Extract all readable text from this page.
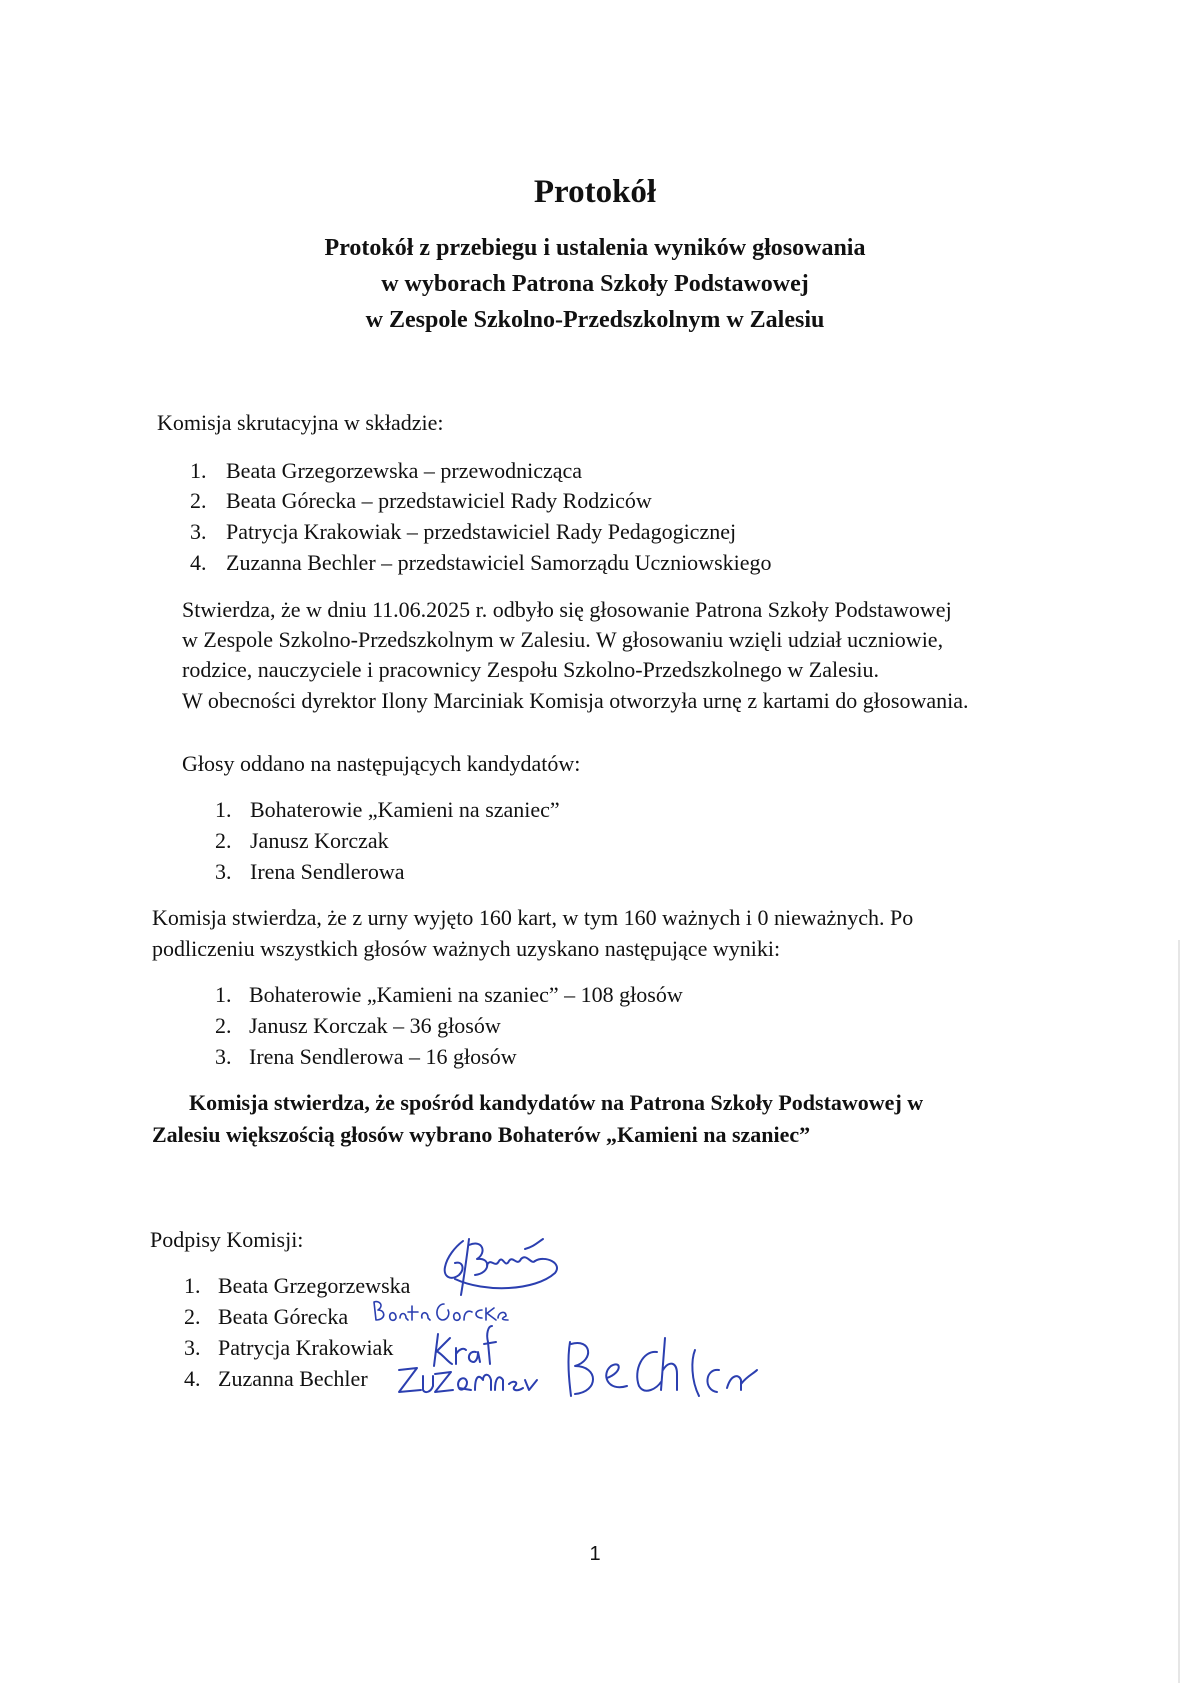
Protokół
Protokół z przebiegu i ustalenia wyników głosowania
w wyborach Patrona Szkoły Podstawowej
w Zespole Szkolno-Przedszkolnym w Zalesiu
Komisja skrutacyjna w składzie:
1. Beata Grzegorzewska – przewodnicząca
2. Beata Górecka – przedstawiciel Rady Rodziców
3. Patrycja Krakowiak – przedstawiciel Rady Pedagogicznej
4. Zuzanna Bechler – przedstawiciel Samorządu Uczniowskiego
Stwierdza, że w dniu 11.06.2025 r. odbyło się głosowanie Patrona Szkoły Podstawowej
w Zespole Szkolno-Przedszkolnym w Zalesiu. W głosowaniu wzięli udział uczniowie,
rodzice, nauczyciele i pracownicy Zespołu Szkolno-Przedszkolnego w Zalesiu.
W obecności dyrektor Ilony Marciniak Komisja otworzyła urnę z kartami do głosowania.
Głosy oddano na następujących kandydatów:
1. Bohaterowie „Kamieni na szaniec”
2. Janusz Korczak
3. Irena Sendlerowa
Komisja stwierdza, że z urny wyjęto 160 kart, w tym 160 ważnych i 0 nieważnych. Po
podliczeniu wszystkich głosów ważnych uzyskano następujące wyniki:
1. Bohaterowie „Kamieni na szaniec” – 108 głosów
2. Janusz Korczak – 36 głosów
3. Irena Sendlerowa – 16 głosów
Komisja stwierdza, że spośród kandydatów na Patrona Szkoły Podstawowej w
Zalesiu większością głosów wybrano Bohaterów „Kamieni na szaniec”
Podpisy Komisji:
1. Beata Grzegorzewska
2. Beata Górecka
3. Patrycja Krakowiak
4. Zuzanna Bechler
1
